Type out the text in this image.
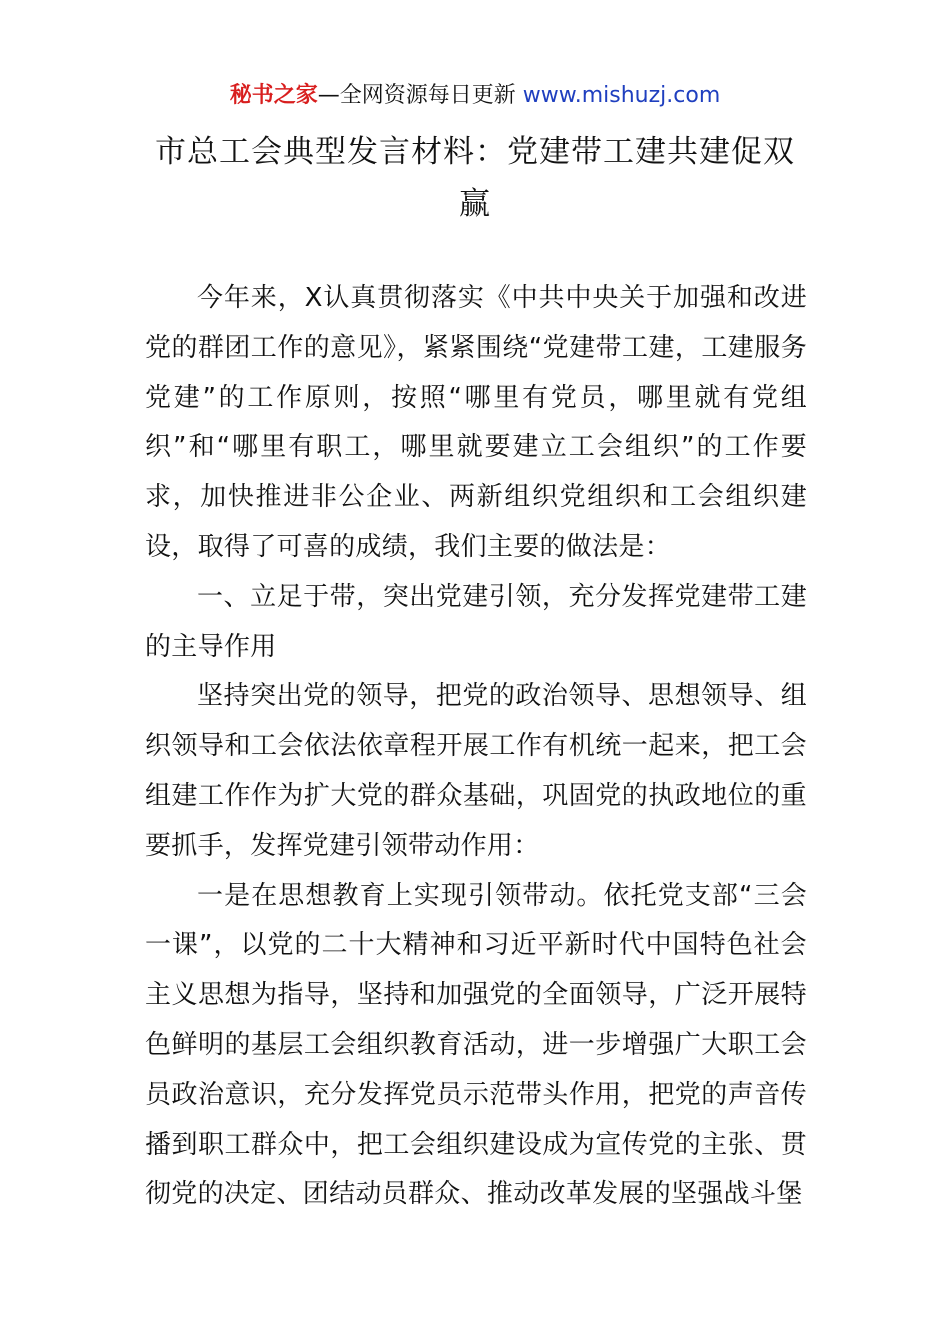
秘书之家—全网资源每日更新 www.mishuzj.com
市总工会典型发言材料：党建带工建共建促双赢

今年来，X认真贯彻落实《中共中央关于加强和改进党的群团工作的意见》，紧紧围绕“党建带工建，工建服务党建”的工作原则，按照“哪里有党员，哪里就有党组织”和“哪里有职工，哪里就要建立工会组织”的工作要求，加快推进非公企业、两新组织党组织和工会组织建设，取得了可喜的成绩，我们主要的做法是：

一、立足于带，突出党建引领，充分发挥党建带工建的主导作用

坚持突出党的领导，把党的政治领导、思想领导、组织领导和工会依法依章程开展工作有机统一起来，把工会组建工作作为扩大党的群众基础，巩固党的执政地位的重要抓手，发挥党建引领带动作用：

一是在思想教育上实现引领带动。依托党支部“三会一课”，以党的二十大精神和习近平新时代中国特色社会主义思想为指导，坚持和加强党的全面领导，广泛开展特色鲜明的基层工会组织教育活动，进一步增强广大职工会员政治意识，充分发挥党员示范带头作用，把党的声音传播到职工群众中，把工会组织建设成为宣传党的主张、贯彻党的决定、团结动员群众、推动改革发展的坚强战斗堡
